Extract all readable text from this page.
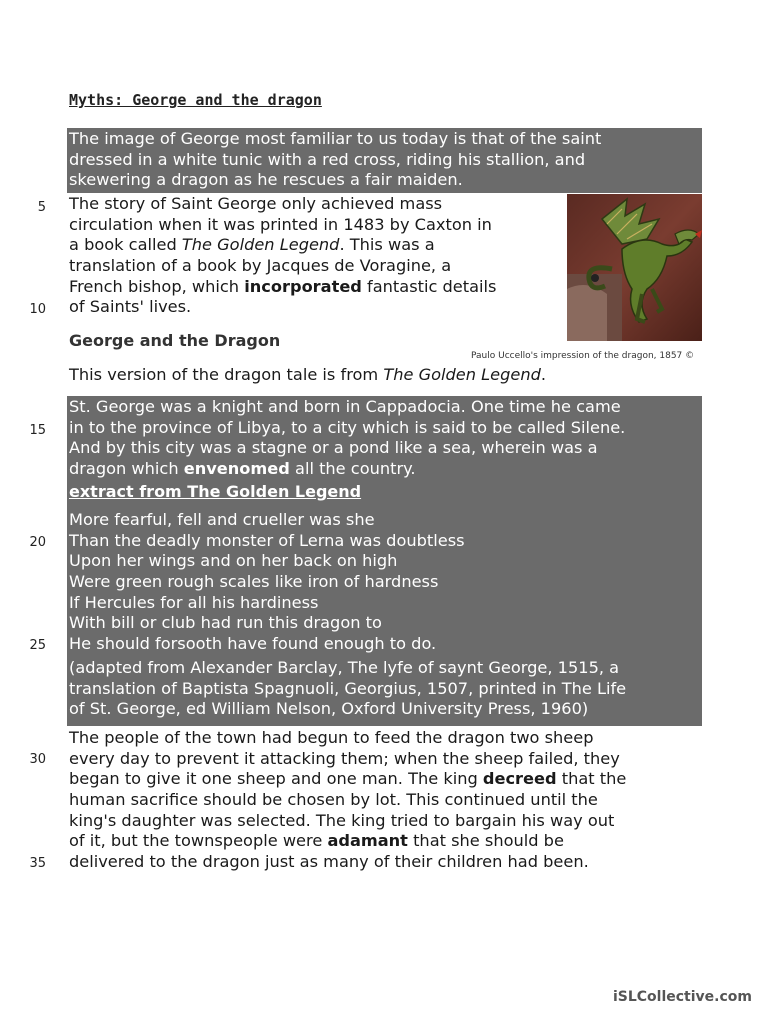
Myths: George and the dragon
The image of George most familiar to us today is that of the saint
dressed in a white tunic with a red cross, riding his stallion, and
skewering a dragon as he rescues a fair maiden.
The story of Saint George only achieved mass
circulation when it was printed in 1483 by Caxton in
a book called The Golden Legend. This was a
translation of a book by Jacques de Voragine, a
French bishop, which incorporated fantastic details
of Saints' lives.
5
10
George and the Dragon
Paulo Uccello's impression of the dragon, 1857 ©
This version of the dragon tale is from The Golden Legend.
St. George was a knight and born in Cappadocia. One time he came
in to the province of Libya, to a city which is said to be called Silene.
And by this city was a stagne or a pond like a sea, wherein was a
dragon which envenomed all the country.
extract from The Golden Legend
More fearful, fell and crueller was she
Than the deadly monster of Lerna was doubtless
Upon her wings and on her back on high
Were green rough scales like iron of hardness
If Hercules for all his hardiness
With bill or club had run this dragon to
He should forsooth have found enough to do.
(adapted from Alexander Barclay, The lyfe of saynt George, 1515, a
translation of Baptista Spagnuoli, Georgius, 1507, printed in The Life
of St. George, ed William Nelson, Oxford University Press, 1960)
15
20
25
The people of the town had begun to feed the dragon two sheep
every day to prevent it attacking them; when the sheep failed, they
began to give it one sheep and one man. The king decreed that the
human sacrifice should be chosen by lot. This continued until the
king's daughter was selected. The king tried to bargain his way out
of it, but the townspeople were adamant that she should be
delivered to the dragon just as many of their children had been.
30
35
iSLCollective.com
